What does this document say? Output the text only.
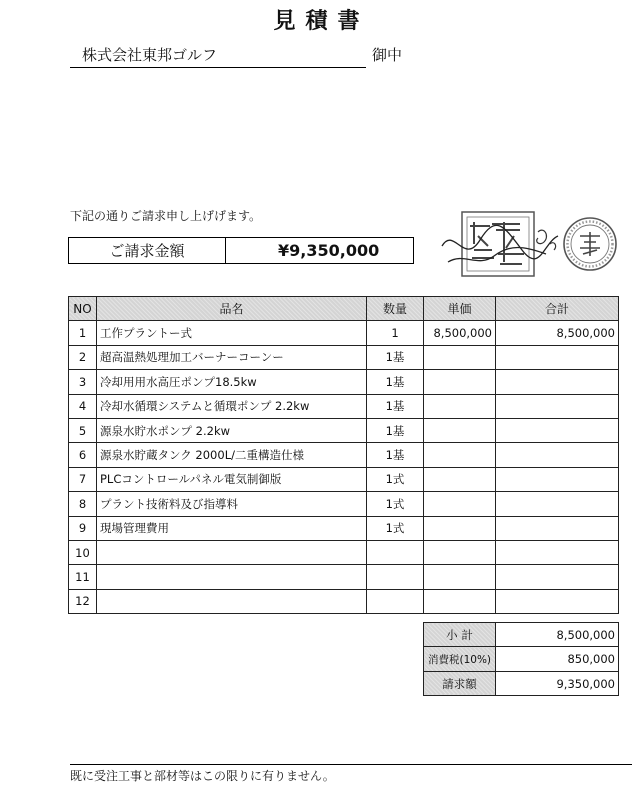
見積書
株式会社東邦ゴルフ	御中
下記の通りご請求申し上げげます。
ご請求金額	¥9,350,000
NO	品名	数量	単価	合計
1	工作プラントー式	1	8,500,000	8,500,000
2	超高温熱処理加工バーナーコーンー	1基		
3	冷却用用水高圧ポンプ18.5kw	1基		
4	冷却水循環システムと循環ポンプ 2.2kw	1基		
5	源泉水貯水ポンプ 2.2kw	1基		
6	源泉水貯蔵タンク 2000L/二重構造仕様	1基		
7	PLCコントロールパネル電気制御版	1式		
8	プラント技術料及び指導料	1式		
9	現場管理費用	1式		
10				
11				
12				

			小 計	8,500,000
			消費税(10%)	850,000
			請求額	9,350,000
既に受注工事と部材等はこの限りに有りません。
